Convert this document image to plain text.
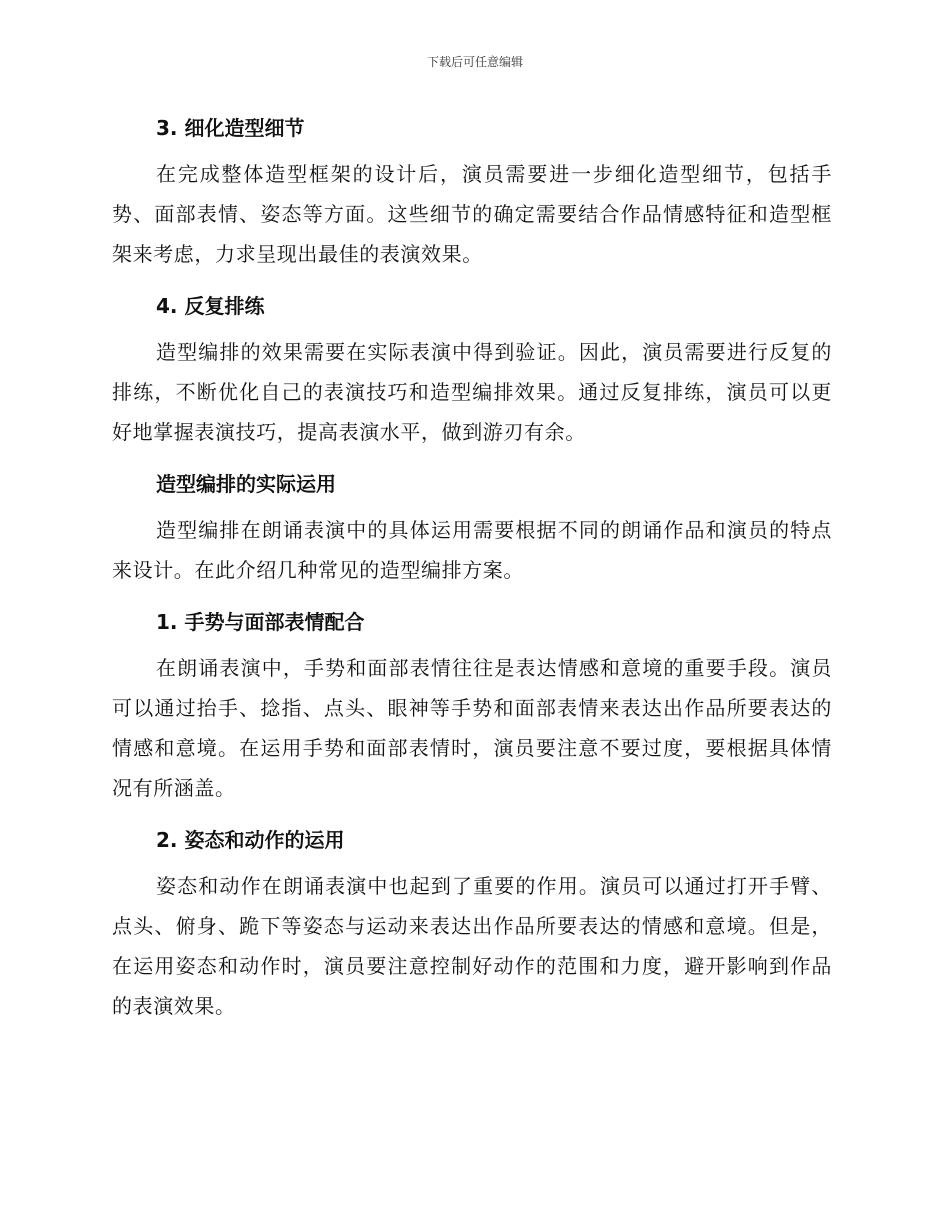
下载后可任意编辑
3. 细化造型细节

在完成整体造型框架的设计后，演员需要进一步细化造型细节，包括手势、面部表情、姿态等方面。这些细节的确定需要结合作品情感特征和造型框架来考虑，力求呈现出最佳的表演效果。

4. 反复排练

造型编排的效果需要在实际表演中得到验证。因此，演员需要进行反复的排练，不断优化自己的表演技巧和造型编排效果。通过反复排练，演员可以更好地掌握表演技巧，提高表演水平，做到游刃有余。

造型编排的实际运用

造型编排在朗诵表演中的具体运用需要根据不同的朗诵作品和演员的特点来设计。在此介绍几种常见的造型编排方案。

1. 手势与面部表情配合

在朗诵表演中，手势和面部表情往往是表达情感和意境的重要手段。演员可以通过抬手、捻指、点头、眼神等手势和面部表情来表达出作品所要表达的情感和意境。在运用手势和面部表情时，演员要注意不要过度，要根据具体情况有所涵盖。

2. 姿态和动作的运用

姿态和动作在朗诵表演中也起到了重要的作用。演员可以通过打开手臂、点头、俯身、跪下等姿态与运动来表达出作品所要表达的情感和意境。但是，在运用姿态和动作时，演员要注意控制好动作的范围和力度，避开影响到作品的表演效果。
